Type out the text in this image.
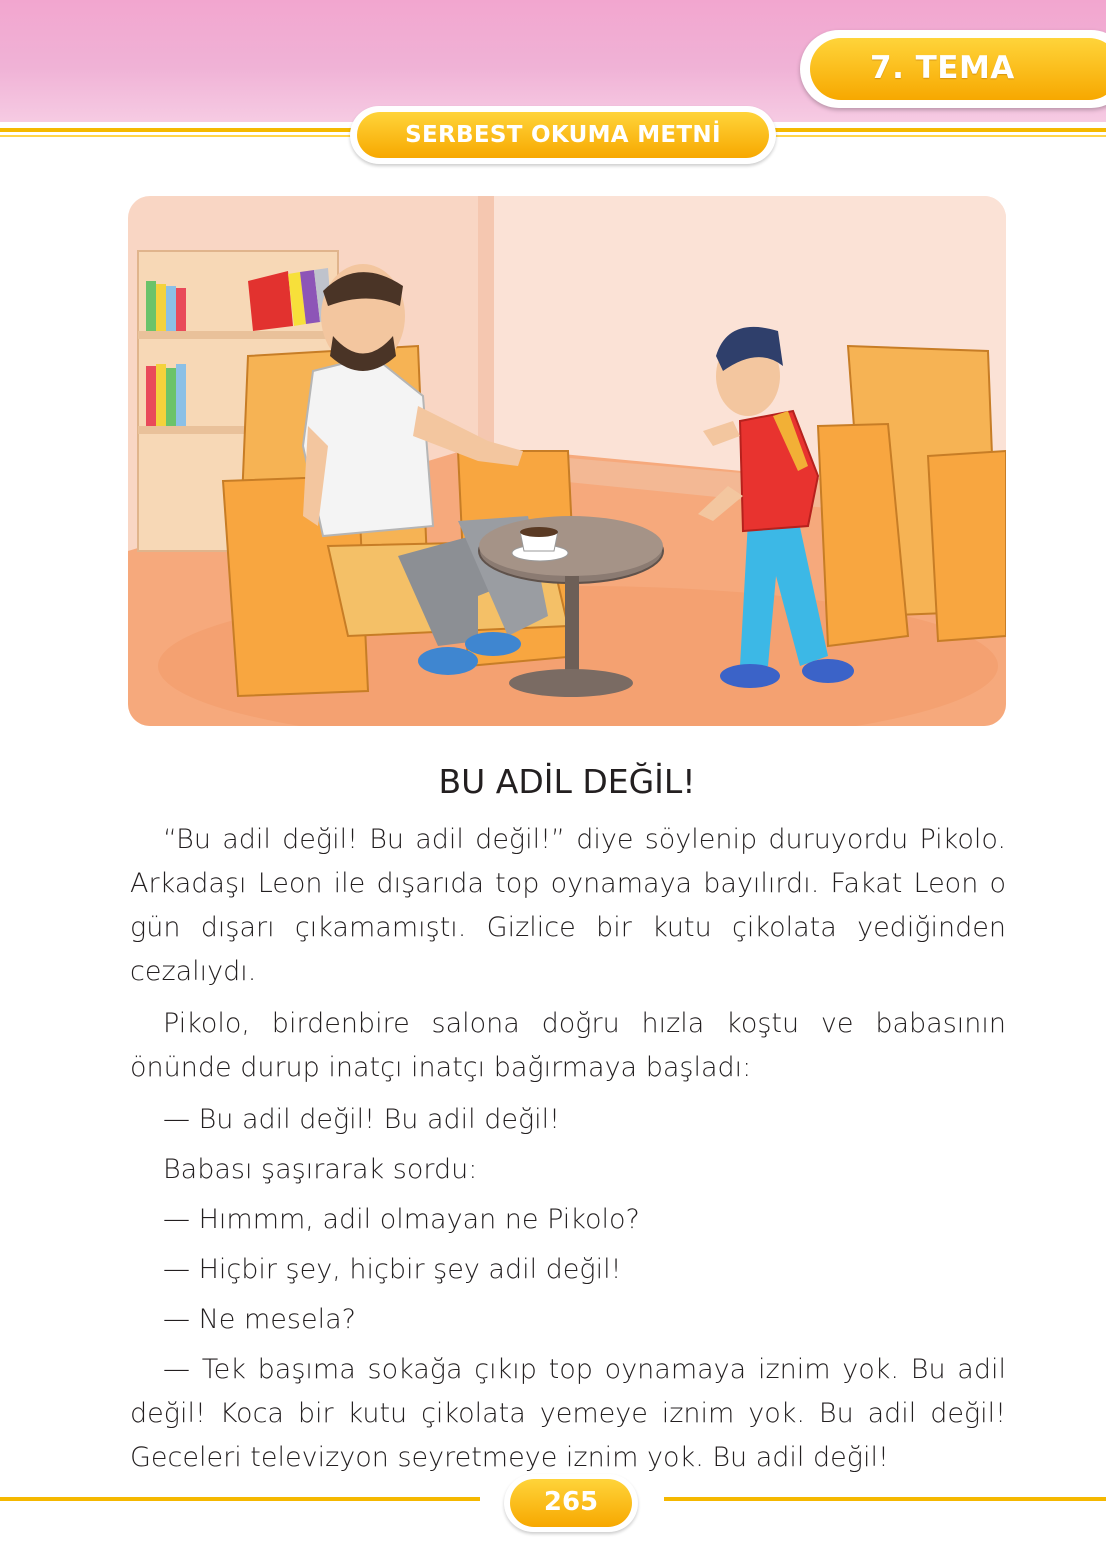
7. TEMA
SERBEST OKUMA METNİ
BU ADİL DEĞİL!

“Bu adil değil! Bu adil değil!” diye söylenip duruyordu Pikolo. Arkadaşı Leon ile dışarıda top oynamaya bayılırdı. Fakat Leon o gün dışarı çıkamamıştı. Gizlice bir kutu çikolata yediğinden cezalıydı.

Pikolo, birdenbire salona doğru hızla koştu ve babasının önünde durup inatçı inatçı bağırmaya başladı:

— Bu adil değil! Bu adil değil!

Babası şaşırarak sordu:

— Hımmm, adil olmayan ne Pikolo?

— Hiçbir şey, hiçbir şey adil değil!

— Ne mesela?

— Tek başıma sokağa çıkıp top oynamaya iznim yok. Bu adil değil! Koca bir kutu çikolata yemeye iznim yok. Bu adil değil! Geceleri televizyon seyretmeye iznim yok. Bu adil değil!

265
